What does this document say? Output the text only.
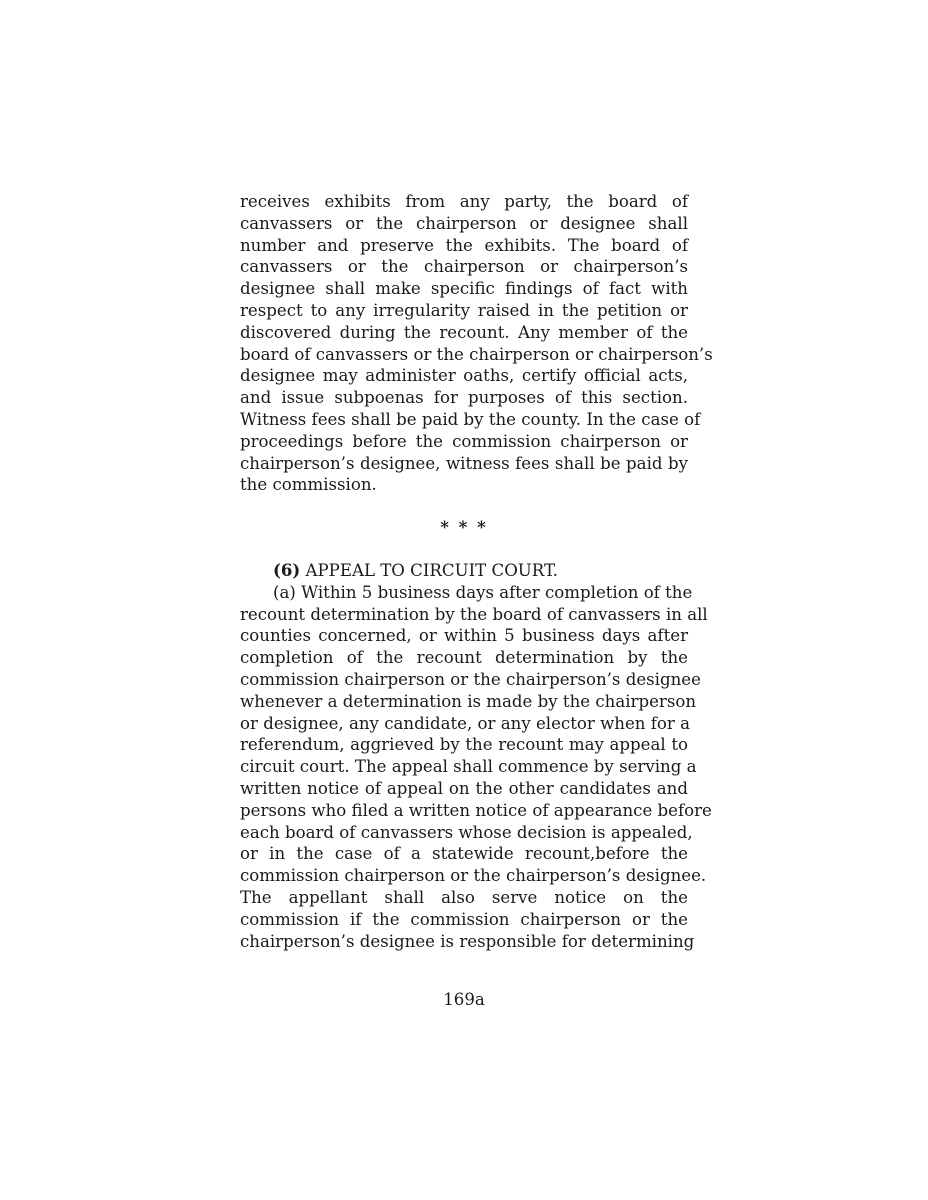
receives exhibits from any party, the board of
canvassers or the chairperson or designee shall
number and preserve the exhibits. The board of
canvassers or the chairperson or chairperson’s
designee shall make specific findings of fact with
respect to any irregularity raised in the petition or
discovered during the recount. Any member of the
board of canvassers or the chairperson or chairperson’s
designee may administer oaths, certify official acts,
and issue subpoenas for purposes of this section.
Witness fees shall be paid by the county. In the case of
proceedings before the commission chairperson or
chairperson’s designee, witness fees shall be paid by
the commission.
* * *
(6) APPEAL TO CIRCUIT COURT.
(a) Within 5 business days after completion of the
recount determination by the board of canvassers in all
counties concerned, or within 5 business days after
completion of the recount determination by the
commission chairperson or the chairperson’s designee
whenever a determination is made by the chairperson
or designee, any candidate, or any elector when for a
referendum, aggrieved by the recount may appeal to
circuit court. The appeal shall commence by serving a
written notice of appeal on the other candidates and
persons who filed a written notice of appearance before
each board of canvassers whose decision is appealed,
or in the case of a statewide recount,before the
commission chairperson or the chairperson’s designee.
The appellant shall also serve notice on the
commission if the commission chairperson or the
chairperson’s designee is responsible for determining
169a
